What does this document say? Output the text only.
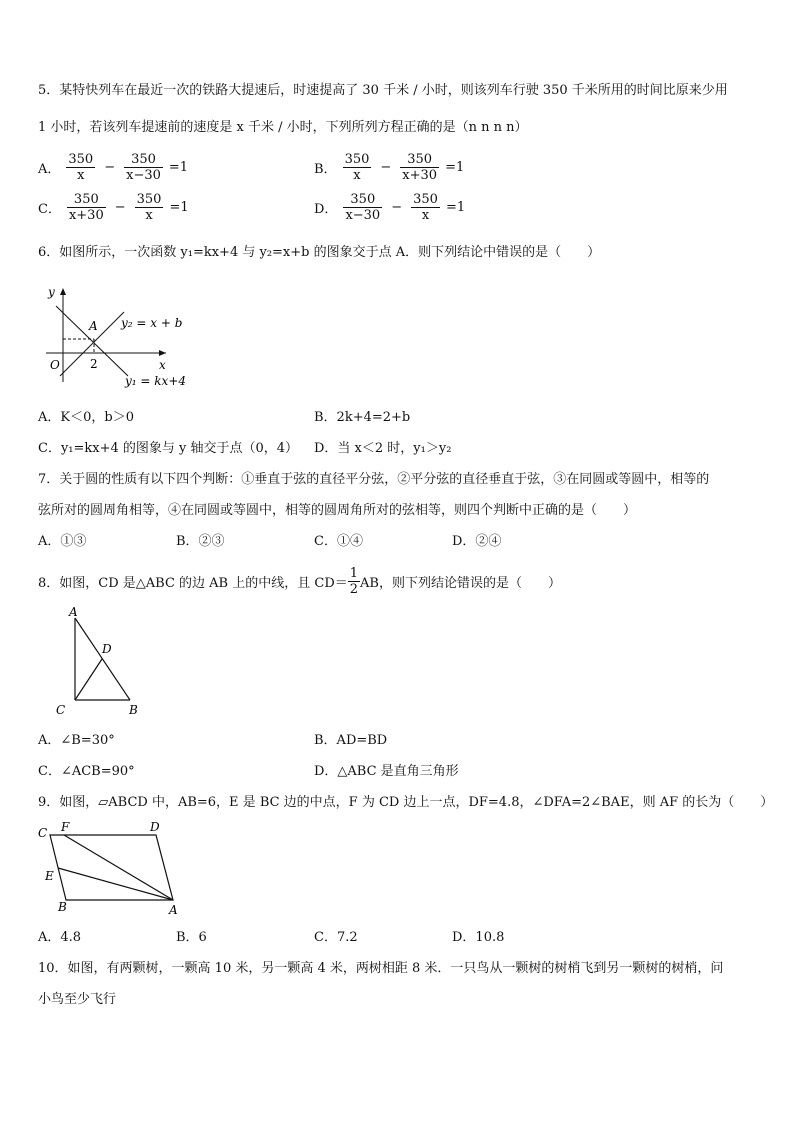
5．某特快列车在最近一次的铁路大提速后，时速提高了 30 千米 / 小时，则该列车行驶 350 千米所用的时间比原来少用
1 小时，若该列车提速前的速度是 x 千米 / 小时，下列所列方程正确的是（n n n n）
A． $\frac{350}{x} - \frac{350}{x-30} =1$	B． $\frac{350}{x} - \frac{350}{x+30} =1$
C． $\frac{350}{x+30} - \frac{350}{x} =1$	D． $\frac{350}{x-30} - \frac{350}{x} =1$
6．如图所示，一次函数 y₁=kx+4 与 y₂=x+b 的图象交于点 A．则下列结论中错误的是（　　）
y
x
O
A
2
y₂ = x + b
y₁ = kx+4
A．K＜0，b＞0	B．2k+4=2+b
C．y₁=kx+4 的图象与 y 轴交于点（0，4） D．当 x＜2 时，y₁＞y₂
7．关于圆的性质有以下四个判断：①垂直于弦的直径平分弦，②平分弦的直径垂直于弦，③在同圆或等圆中，相等的
弦所对的圆周角相等，④在同圆或等圆中，相等的圆周角所对的弦相等，则四个判断中正确的是（　　）
A．①③	B．②③	C．①④	D．②④
8．如图，CD 是△ABC 的边 AB 上的中线，且 $CD= \frac{1}{2}$ AB，则下列结论错误的是（　　）
A
D
C	B
A．∠B=30°	B．AD=BD
C．∠ACB=90°	D．△ABC 是直角三角形
9．如图，▱ABCD 中，AB=6，E 是 BC 边的中点，F 为 CD 边上一点，DF=4.8，∠DFA=2∠BAE，则 AF 的长为（　　）
C F	D
E
B	A
A．4.8	B．6	C．7.2	D．10.8
10．如图，有两颗树，一颗高 10 米，另一颗高 4 米，两树相距 8 米．一只鸟从一颗树的树梢飞到另一颗树的树梢，问
小鸟至少飞行
